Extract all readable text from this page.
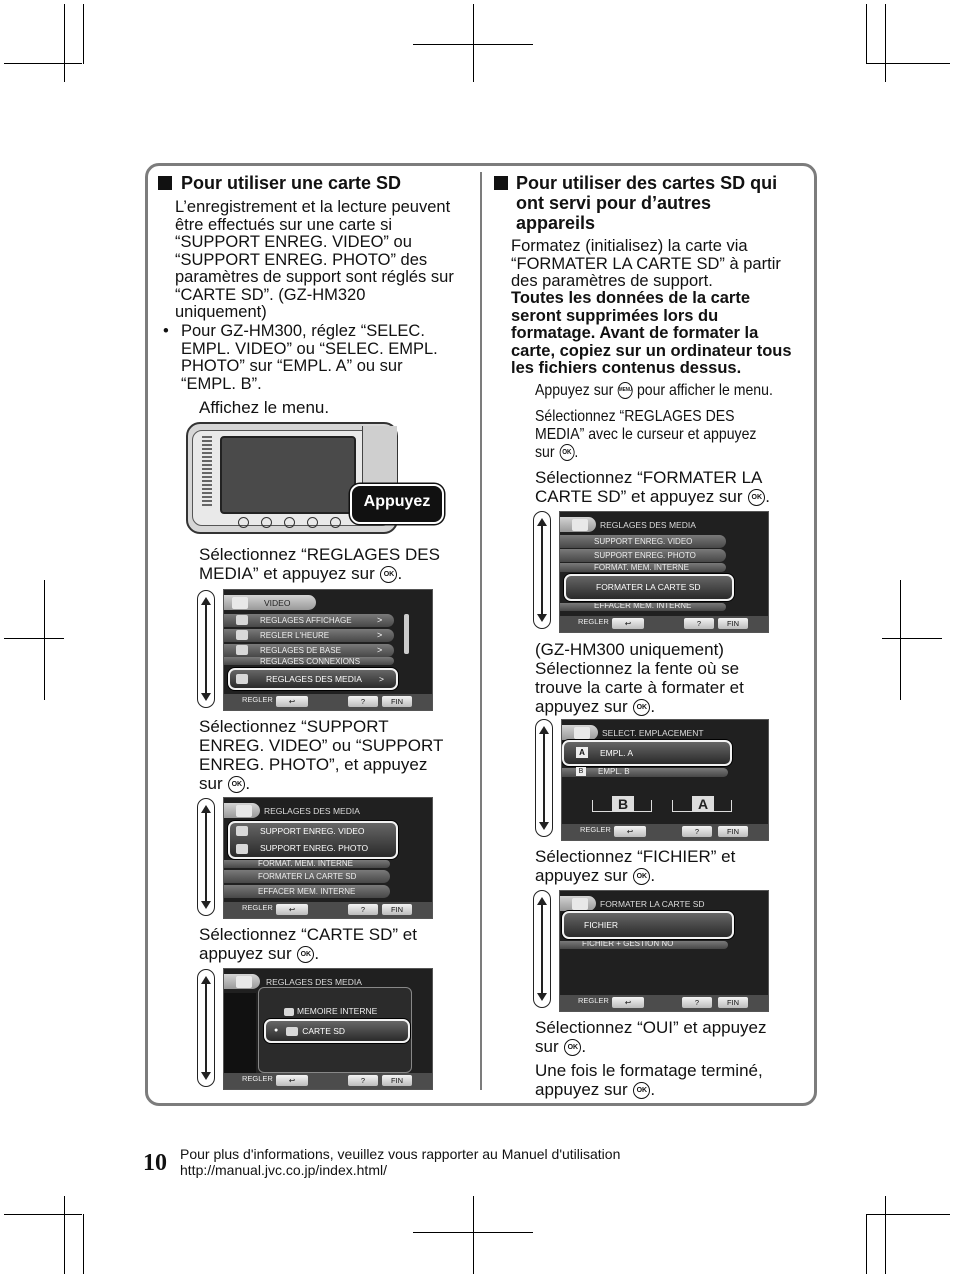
Pour utiliser une carte SD
L’enregistrement et la lecture peuvent
être effectués sur une carte si
“SUPPORT ENREG. VIDEO” ou
“SUPPORT ENREG. PHOTO” des
paramètres de support sont réglés sur
“CARTE SD”. (GZ-HM320
uniquement)
• Pour GZ-HM300, réglez “SELEC.
EMPL. VIDEO” ou “SELEC. EMPL.
PHOTO” sur “EMPL. A” ou sur
“EMPL. B”.
Affichez le menu.
Appuyez
Sélectionnez “REGLAGES DES
MEDIA” et appuyez sur OK .
VIDEO
REGLAGES AFFICHAGE
REGLER L'HEURE
REGLAGES DE BASE
REGLAGES CONNEXIONS
>
>
>
REGLAGES DES MEDIA >
REGLER	↩	?	FIN
Sélectionnez “SUPPORT
ENREG. VIDEO” ou “SUPPORT
ENREG. PHOTO”, et appuyez
sur OK .
REGLAGES DES MEDIA
SUPPORT ENREG. VIDEO
SUPPORT ENREG. PHOTO
FORMAT. MEM. INTERNE
FORMATER LA CARTE SD
EFFACER MEM. INTERNE
REGLER	↩	?	FIN
Sélectionnez “CARTE SD” et
appuyez sur OK .
REGLAGES DES MEDIA
MEMOIRE INTERNE
●	CARTE SD
REGLER	↩	?	FIN
Pour utiliser des cartes SD qui
ont servi pour d’autres
appareils
Formatez (initialisez) la carte via
“FORMATER LA CARTE SD” à partir
des paramètres de support.
Toutes les données de la carte
seront supprimées lors du
formatage. Avant de formater la
carte, copiez sur un ordinateur tous
les fichiers contenus dessus.
Appuyez sur MENU pour afficher le menu.
Sélectionnez “REGLAGES DES
MEDIA” avec le curseur et appuyez
sur OK .
Sélectionnez “FORMATER LA
CARTE SD” et appuyez sur OK .
REGLAGES DES MEDIA
SUPPORT ENREG. VIDEO
SUPPORT ENREG. PHOTO
FORMAT. MEM. INTERNE
FORMATER LA CARTE SD
EFFACER MEM. INTERNE
REGLER	↩	?	FIN
(GZ-HM300 uniquement)
Sélectionnez la fente où se
trouve la carte à formater et
appuyez sur OK .
SELECT. EMPLACEMENT
EMPL. A
A
EMPL. B
B
B	A
REGLER	↩	?	FIN
Sélectionnez “FICHIER” et
appuyez sur OK .
FORMATER LA CARTE SD
FICHIER
FICHIER + GESTION NO
REGLER	↩	?	FIN
Sélectionnez “OUI” et appuyez
sur OK .
Une fois le formatage terminé,
appuyez sur OK .
10 Pour plus d'informations, veuillez vous rapporter au Manuel d'utilisation
http://manual.jvc.co.jp/index.html/
